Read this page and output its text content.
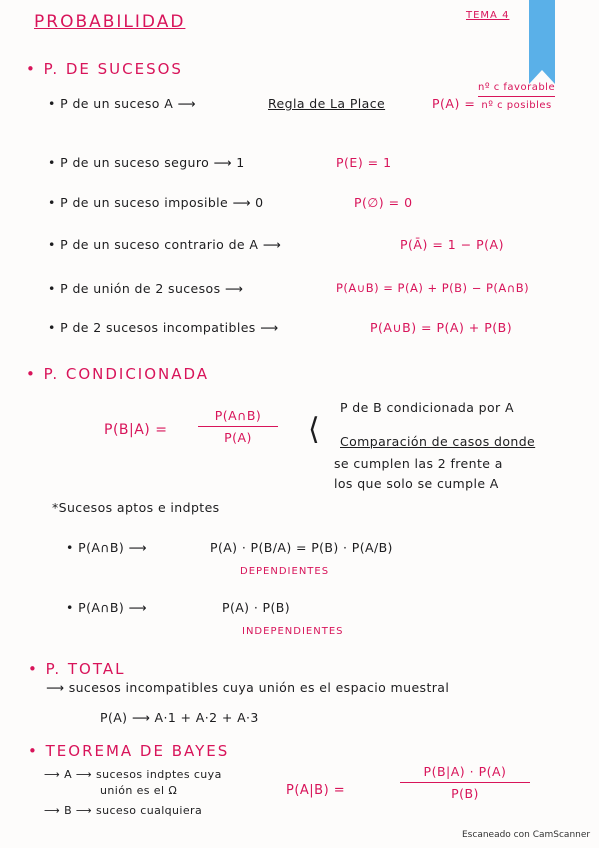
PROBABILIDAD	TEMA 4
• P. DE SUCESOS
• P de un suceso A ⟶	Regla de La Place	P(A) =
nº c favorable
nº c posibles
• P de un suceso seguro ⟶ 1	P(E) = 1
• P de un suceso imposible ⟶ 0	P(∅) = 0
• P de un suceso contrario de A ⟶	P(Ā) = 1 − P(A)
• P de unión de 2 sucesos ⟶	P(A∪B) = P(A) + P(B) − P(A∩B)
• P de 2 sucesos incompatibles ⟶	P(A∪B) = P(A) + P(B)
• P. CONDICIONADA
P(B|A) =
P(A∩B)
P(A) ⟨
P de B condicionada por A
Comparación de casos donde
se cumplen las 2 frente a
los que solo se cumple A
*Sucesos aptos e indptes
• P(A∩B) ⟶	P(A) · P(B/A) = P(B) · P(A/B)
DEPENDIENTES
• P(A∩B) ⟶	P(A) · P(B)
INDEPENDIENTES
• P. TOTAL
⟶ sucesos incompatibles cuya unión es el espacio muestral
P(A) ⟶ A·1 + A·2 + A·3
• TEOREMA DE BAYES
⟶ A ⟶ sucesos indptes cuya
unión es el Ω
⟶ B ⟶ suceso cualquiera
P(A|B) =
P(B|A) · P(A)
P(B)
Escaneado con CamScanner
